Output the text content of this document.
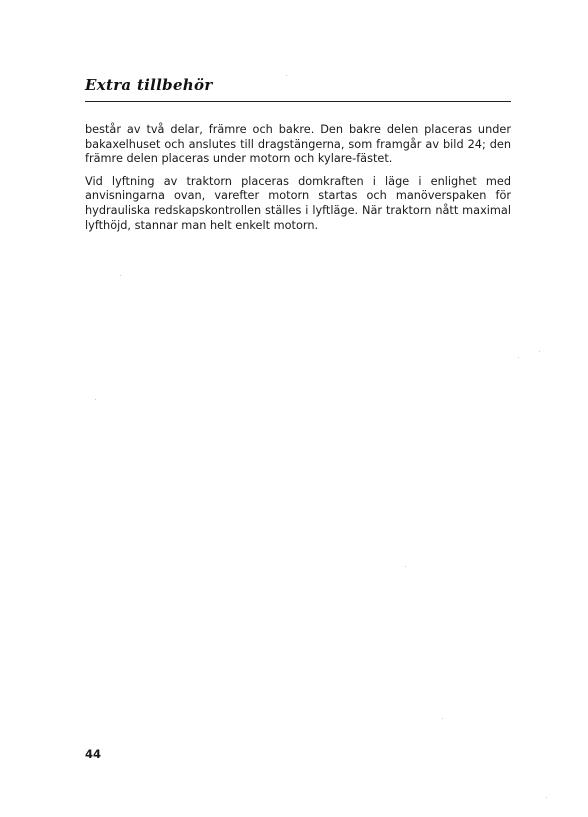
Extra tillbehör

består av två delar, främre och bakre. Den bakre delen placeras under bakaxelhuset och anslutes till dragstängerna, som framgår av bild 24; den främre delen placeras under motorn och kylare-fästet.

Vid lyftning av traktorn placeras domkraften i läge i enlighet med anvisningarna ovan, varefter motorn startas och manöverspaken för hydrauliska redskapskontrollen ställes i lyftläge. När traktorn nått maximal lyfthöjd, stannar man helt enkelt motorn.

44
